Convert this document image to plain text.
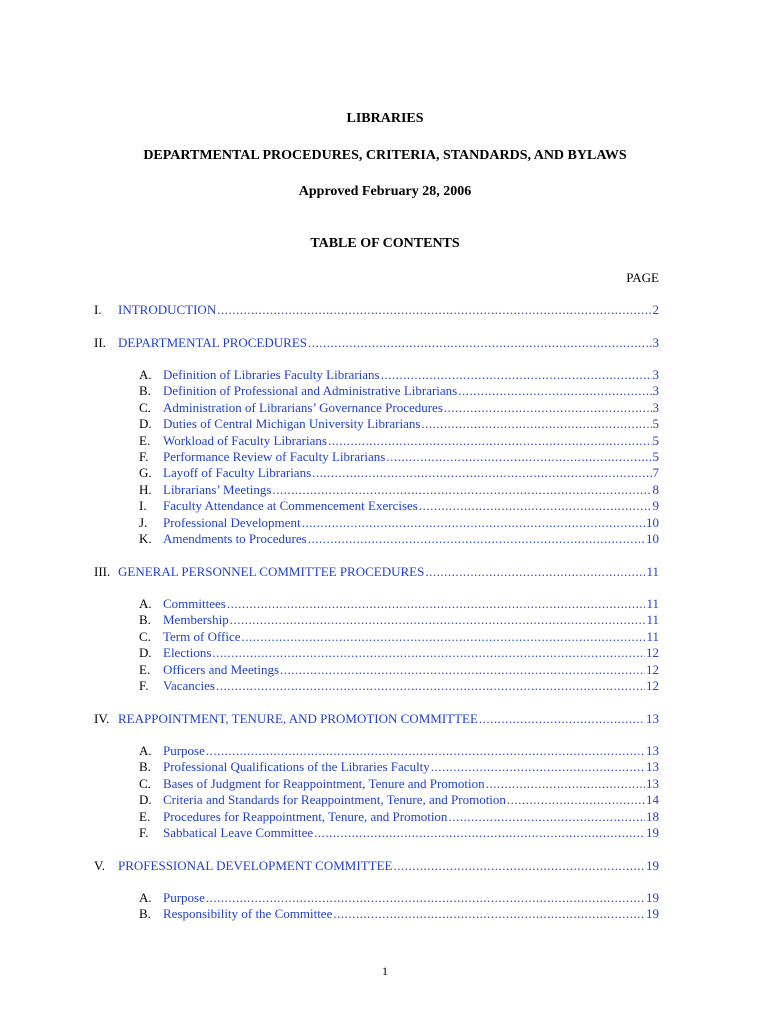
LIBRARIES
DEPARTMENTAL PROCEDURES, CRITERIA, STANDARDS, AND BYLAWS
Approved February 28, 2006
TABLE OF CONTENTS
PAGE
I.	INTRODUCTION .....	2
II. DEPARTMENTAL PROCEDURES .....	3
A. Definition of Libraries Faculty Librarians .....	3
B. Definition of Professional and Administrative Librarians .....	3
C. Administration of Librarians’ Governance Procedures .....	3
D. Duties of Central Michigan University Librarians .....	5
E. Workload of Faculty Librarians .....	5
F.	Performance Review of Faculty Librarians .....	5
G. Layoff of Faculty Librarians .....	7
H. Librarians’ Meetings .....	8
I.	Faculty Attendance at Commencement Exercises .....	9
J.	Professional Development .....	10
K. Amendments to Procedures .....	10
III. GENERAL PERSONNEL COMMITTEE PROCEDURES .....	11
A. Committees .....	11
B. Membership .....	11
C. Term of Office .....	11
D. Elections .....	12
E. Officers and Meetings .....	12
F.	Vacancies .....	12
IV. REAPPOINTMENT, TENURE, AND PROMOTION COMMITTEE .....	13
A. Purpose .....	13
B. Professional Qualifications of the Libraries Faculty .....	13
C. Bases of Judgment for Reappointment, Tenure and Promotion .....	13
D. Criteria and Standards for Reappointment, Tenure, and Promotion .....	14
E. Procedures for Reappointment, Tenure, and Promotion .....	18
F.	Sabbatical Leave Committee .....	19
V.	PROFESSIONAL DEVELOPMENT COMMITTEE .....	19
A. Purpose .....	19
B. Responsibility of the Committee .....	19
1
